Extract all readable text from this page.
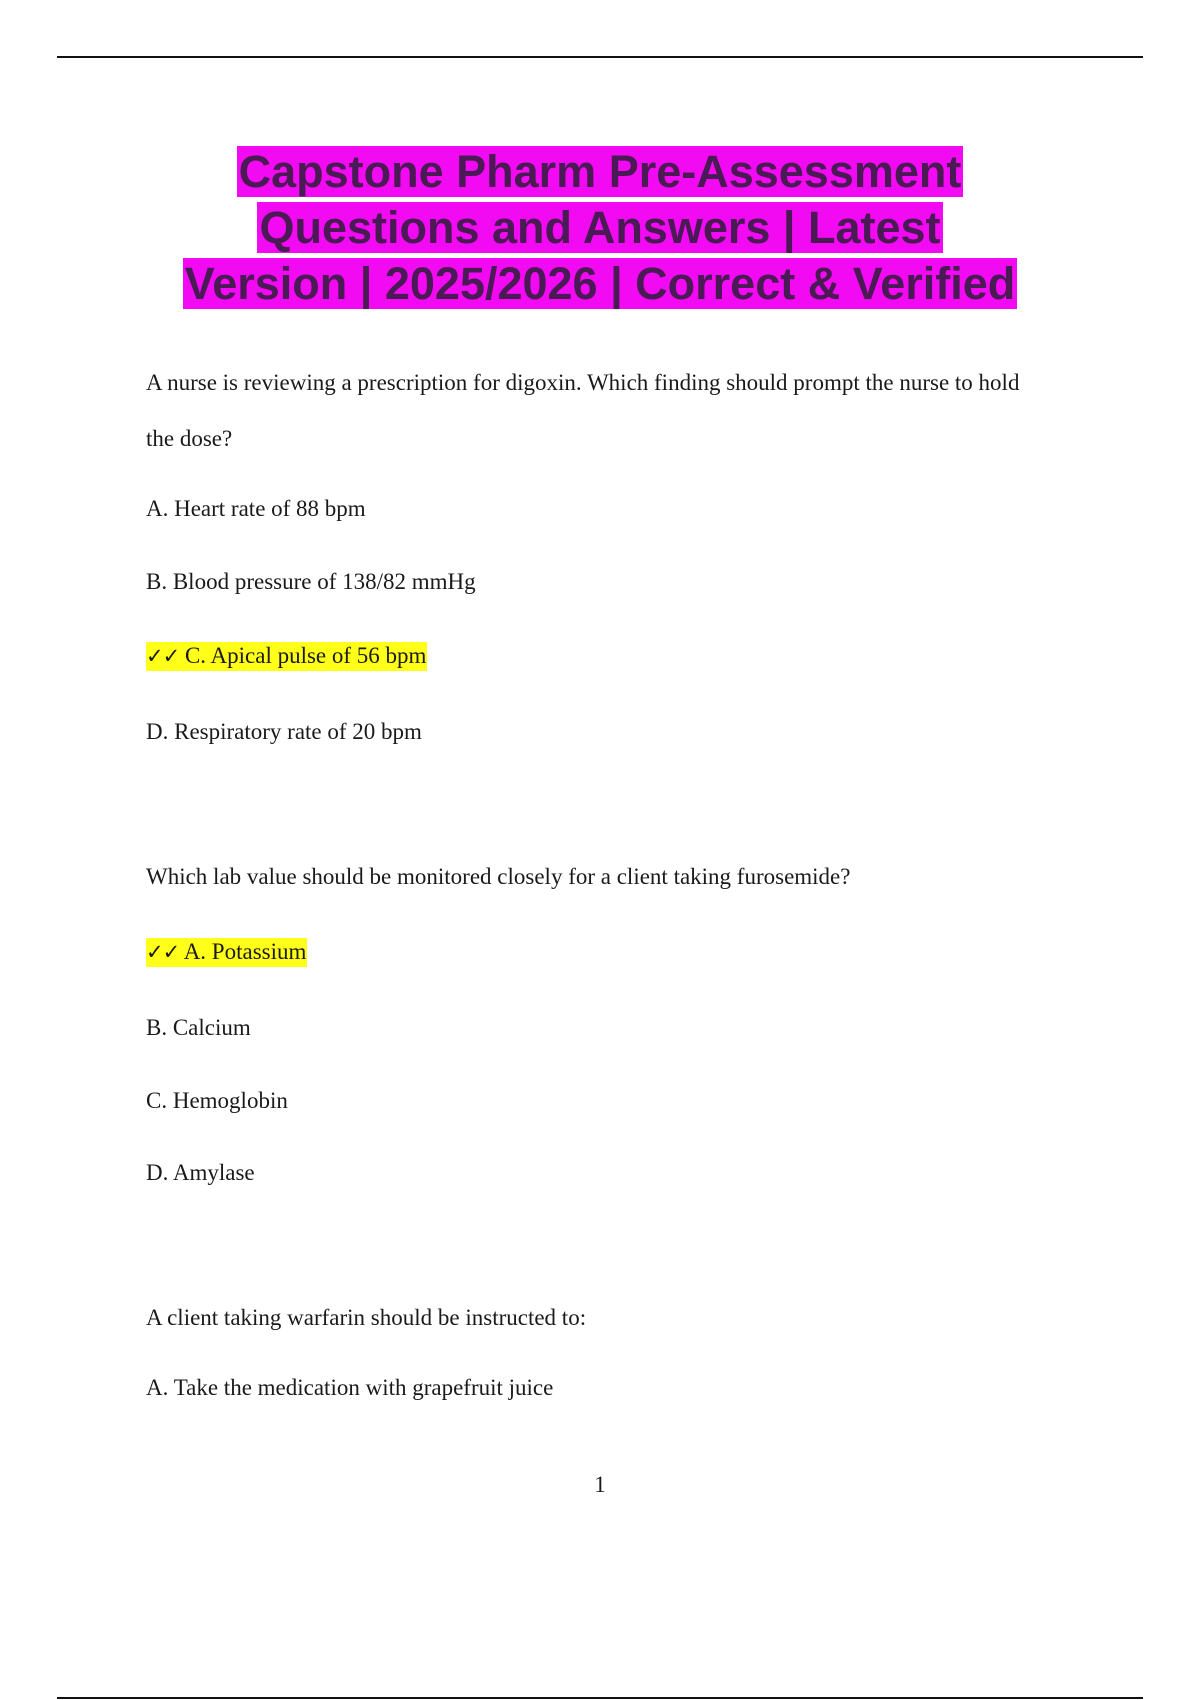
Capstone Pharm Pre-Assessment
Questions and Answers | Latest
Version | 2025/2026 | Correct & Verified

A nurse is reviewing a prescription for digoxin. Which finding should prompt the nurse to hold

the dose?

A. Heart rate of 88 bpm

B. Blood pressure of 138/82 mmHg

✓✓ C. Apical pulse of 56 bpm

D. Respiratory rate of 20 bpm

Which lab value should be monitored closely for a client taking furosemide?

✓✓ A. Potassium

B. Calcium

C. Hemoglobin

D. Amylase

A client taking warfarin should be instructed to:

A. Take the medication with grapefruit juice

1
